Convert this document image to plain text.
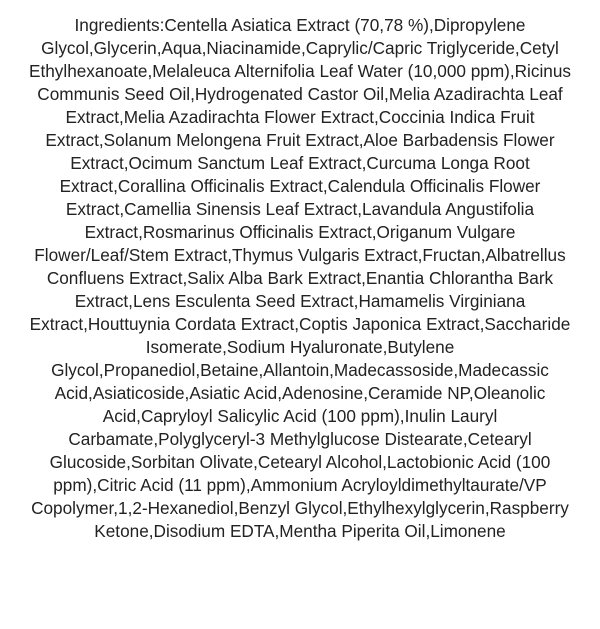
Ingredients:Centella Asiatica Extract (70,78 %),Dipropylene Glycol,Glycerin,Aqua,Niacinamide,Caprylic/Capric Triglyceride,Cetyl Ethylhexanoate,Melaleuca Alternifolia Leaf Water (10,000 ppm),Ricinus Communis Seed Oil,Hydrogenated Castor Oil,Melia Azadirachta Leaf Extract,Melia Azadirachta Flower Extract,Coccinia Indica Fruit Extract,Solanum Melongena Fruit Extract,Aloe Barbadensis Flower Extract,Ocimum Sanctum Leaf Extract,Curcuma Longa Root Extract,Corallina Officinalis Extract,Calendula Officinalis Flower Extract,Camellia Sinensis Leaf Extract,Lavandula Angustifolia Extract,Rosmarinus Officinalis Extract,Origanum Vulgare Flower/Leaf/Stem Extract,Thymus Vulgaris Extract,Fructan,Albatrellus Confluens Extract,Salix Alba Bark Extract,Enantia Chlorantha Bark Extract,Lens Esculenta Seed Extract,Hamamelis Virginiana Extract,Houttuynia Cordata Extract,Coptis Japonica Extract,Saccharide Isomerate,Sodium Hyaluronate,Butylene Glycol,Propanediol,Betaine,Allantoin,Madecassoside,Madecassic Acid,Asiaticoside,Asiatic Acid,Adenosine,Ceramide NP,Oleanolic Acid,Capryloyl Salicylic Acid (100 ppm),Inulin Lauryl Carbamate,Polyglyceryl-3 Methylglucose Distearate,Cetearyl Glucoside,Sorbitan Olivate,Cetearyl Alcohol,Lactobionic Acid (100 ppm),Citric Acid (11 ppm),Ammonium Acryloyldimethyltaurate/VP Copolymer,1,2-Hexanediol,Benzyl Glycol,Ethylhexylglycerin,Raspberry Ketone,Disodium EDTA,Mentha Piperita Oil,Limonene
